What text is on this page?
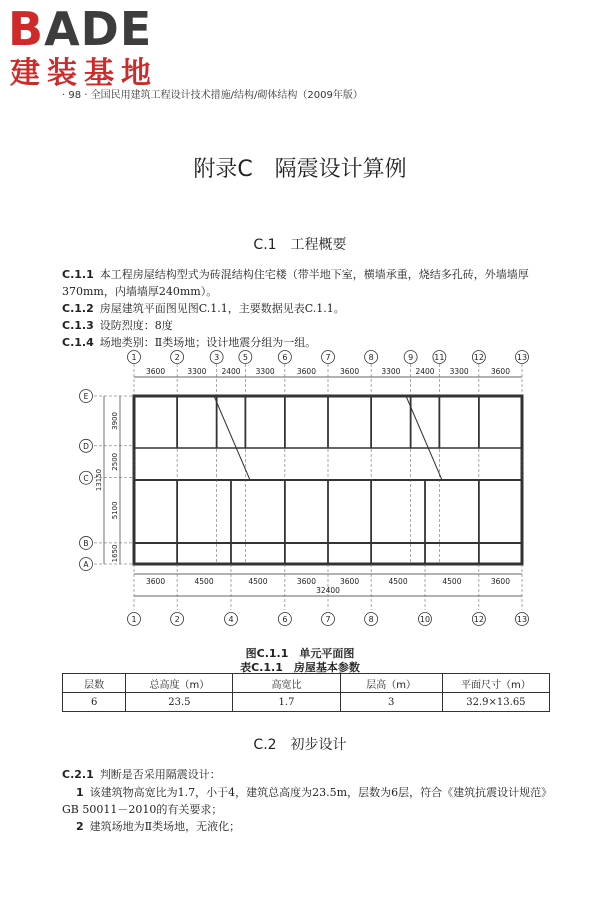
BADE
建装基地
· 98 · 全国民用建筑工程设计技术措施/结构/砌体结构（2009年版）
附录C　隔震设计算例
C.1　工程概要
C.1.1 本工程房屋结构型式为砖混结构住宅楼（带半地下室，横墙承重，烧结多孔砖，外墙墙厚370mm，内墙墙厚240mm）。
C.1.2 房屋建筑平面图见图C.1.1，主要数据见表C.1.1。
C.1.3 设防烈度：8度
C.1.4 场地类别：Ⅱ类场地；设计地震分组为一组。
1
3600
2
3300
3
2400
5
3300
6
3600
7
3600
8
3300
9
2400
11
3300
12
3600
13
32400
1
3600
2
4500
4
4500
6
3600
7
3600
8
4500
10
4500
12
3600
13
13150
E
3900
D
2500
C
5100
B
1650
A
图C.1.1　单元平面图
表C.1.1　房屋基本参数
层数	总高度（m）	高宽比	层高（m）	平面尺寸（m）
6	23.5	1.7	3	32.9×13.65
C.2　初步设计
C.2.1 判断是否采用隔震设计：
1 该建筑物高宽比为1.7，小于4，建筑总高度为23.5m，层数为6层，符合《建筑抗震设计规范》GB 50011－2010的有关要求；
2 建筑场地为Ⅱ类场地，无液化；
